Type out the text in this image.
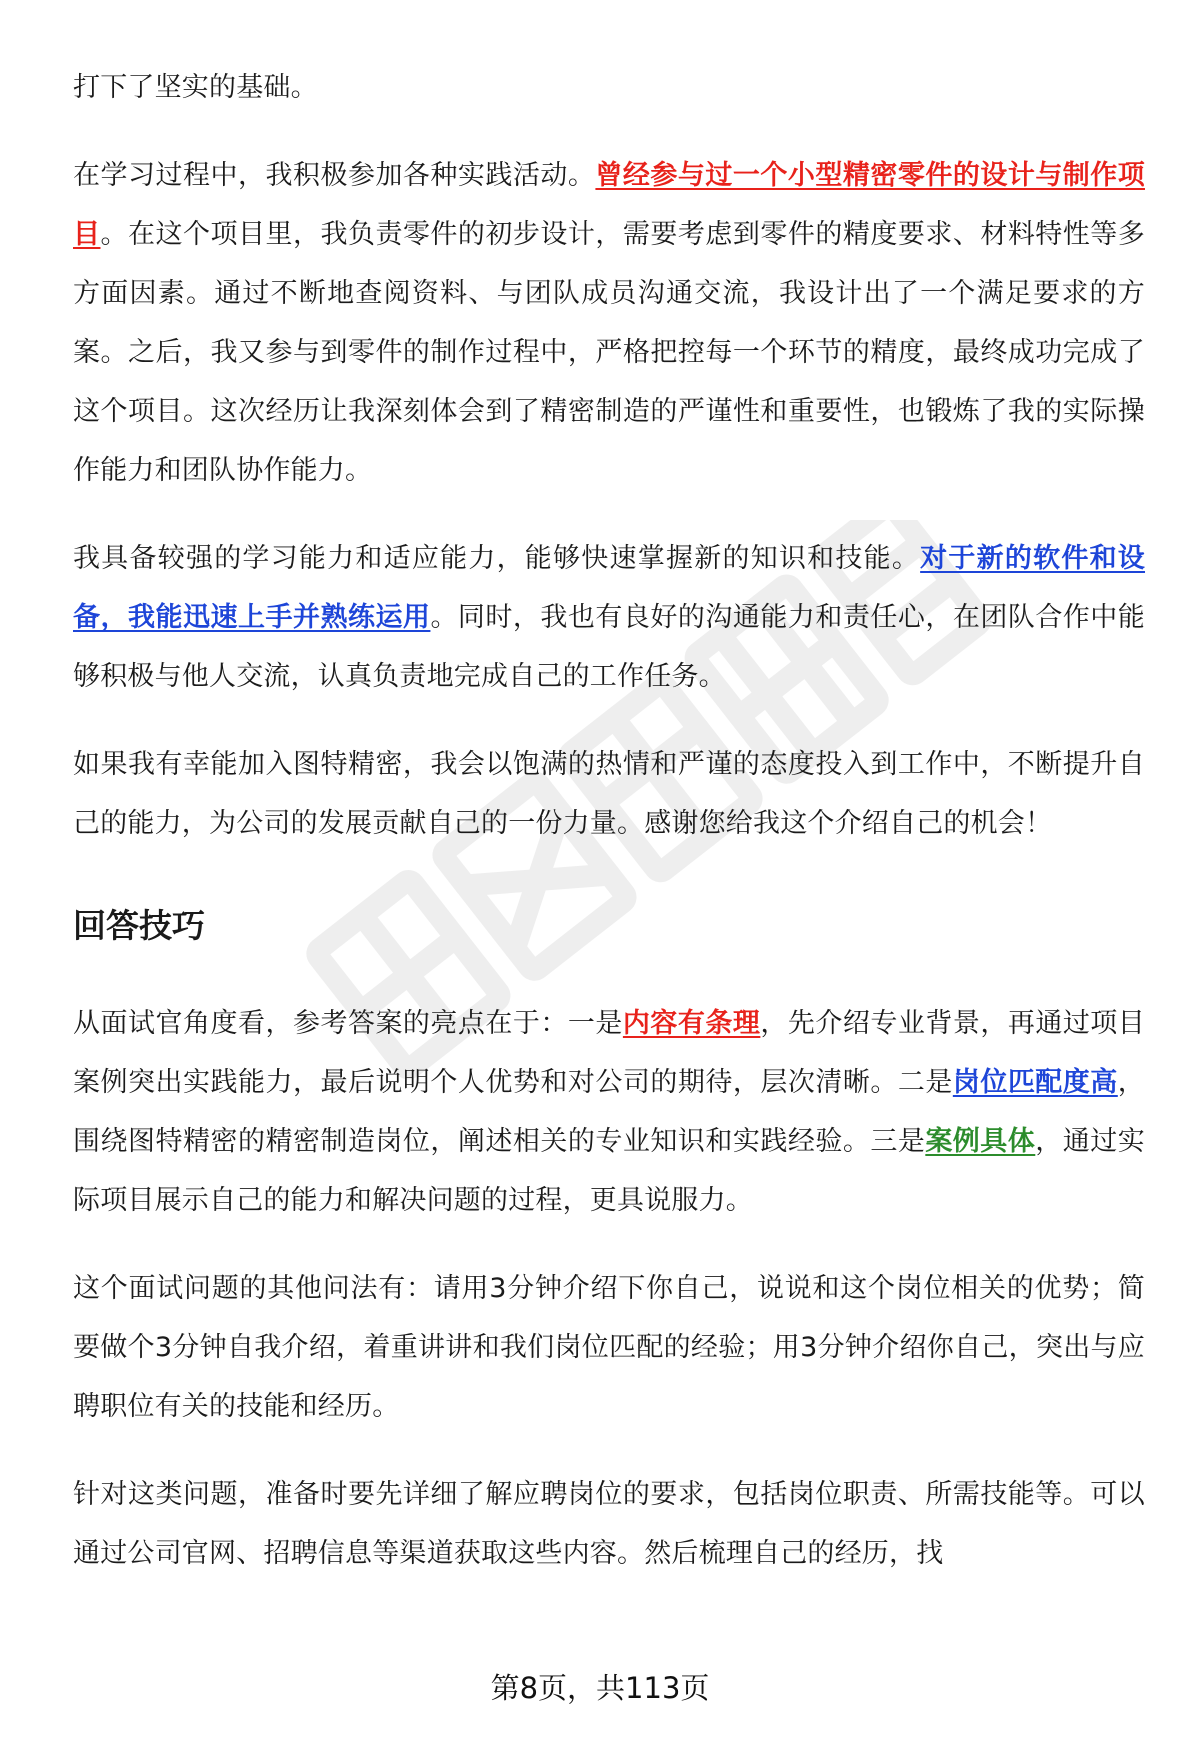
打下了坚实的基础。

在学习过程中，我积极参加各种实践活动。曾经参与过一个小型精密零件的设计与制作项目。在这个项目里，我负责零件的初步设计，需要考虑到零件的精度要求、材料特性等多方面因素。通过不断地查阅资料、与团队成员沟通交流，我设计出了一个满足要求的方案。之后，我又参与到零件的制作过程中，严格把控每一个环节的精度，最终成功完成了这个项目。这次经历让我深刻体会到了精密制造的严谨性和重要性，也锻炼了我的实际操作能力和团队协作能力。

我具备较强的学习能力和适应能力，能够快速掌握新的知识和技能。对于新的软件和设备，我能迅速上手并熟练运用。同时，我也有良好的沟通能力和责任心，在团队合作中能够积极与他人交流，认真负责地完成自己的工作任务。

如果我有幸能加入图特精密，我会以饱满的热情和严谨的态度投入到工作中，不断提升自己的能力，为公司的发展贡献自己的一份力量。感谢您给我这个介绍自己的机会！

回答技巧

从面试官角度看，参考答案的亮点在于：一是内容有条理，先介绍专业背景，再通过项目案例突出实践能力，最后说明个人优势和对公司的期待，层次清晰。二是岗位匹配度高，围绕图特精密的精密制造岗位，阐述相关的专业知识和实践经验。三是案例具体，通过实际项目展示自己的能力和解决问题的过程，更具说服力。

这个面试问题的其他问法有：请用3分钟介绍下你自己，说说和这个岗位相关的优势；简要做个3分钟自我介绍，着重讲讲和我们岗位匹配的经验；用3分钟介绍你自己，突出与应聘职位有关的技能和经历。

针对这类问题，准备时要先详细了解应聘岗位的要求，包括岗位职责、所需技能等。可以通过公司官网、招聘信息等渠道获取这些内容。然后梳理自己的经历，找

第8页，共113页
